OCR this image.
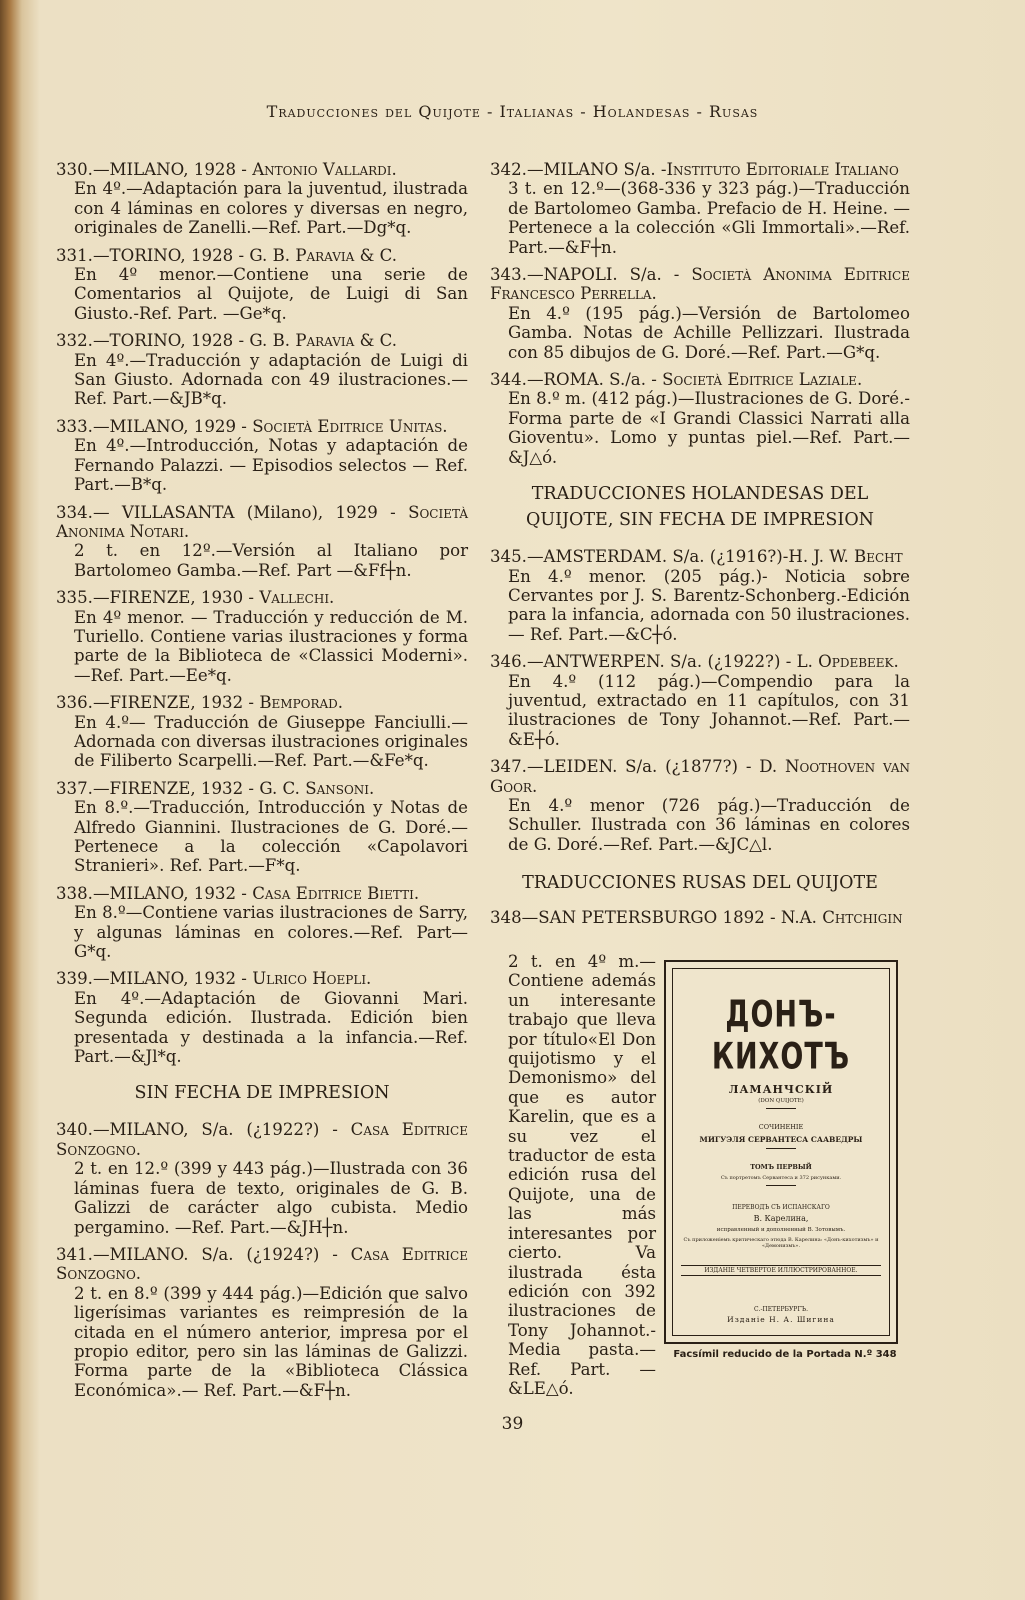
Traducciones del Quijote - Italianas - Holandesas - Rusas

330.—MILANO, 1928 - Antonio Vallardi.

En 4º.—Adaptación para la juventud, ilustrada con 4 láminas en colores y diversas en negro, originales de Zanelli.—Ref. Part.—Dg*q.

331.—TORINO, 1928 - G. B. Paravia & C.

En 4º menor.—Contiene una serie de Comentarios al Quijote, de Luigi di San Giusto.-Ref. Part. —Ge*q.

332.—TORINO, 1928 - G. B. Paravia & C.

En 4º.—Traducción y adaptación de Luigi di San Giusto. Adornada con 49 ilustraciones.— Ref. Part.—&JB*q.

333.—MILANO, 1929 - Società Editrice Unitas.

En 4º.—Introducción, Notas y adaptación de Fernando Palazzi. — Episodios selectos — Ref. Part.—B*q.

334.— VILLASANTA (Milano), 1929 - Società Anonima Notari.

2 t. en 12º.—Versión al Italiano por Bartolomeo Gamba.—Ref. Part —&Ff┼n.

335.—FIRENZE, 1930 - Vallechi.

En 4º menor. — Traducción y reducción de M. Turiello. Contiene varias ilustraciones y forma parte de la Biblioteca de «Classici Moderni». —Ref. Part.—Ee*q.

336.—FIRENZE, 1932 - Bemporad.

En 4.º— Traducción de Giuseppe Fanciulli.— Adornada con diversas ilustraciones originales de Filiberto Scarpelli.—Ref. Part.—&Fe*q.

337.—FIRENZE, 1932 - G. C. Sansoni.

En 8.º.—Traducción, Introducción y Notas de Alfredo Giannini. Ilustraciones de G. Doré.— Pertenece a la colección «Capolavori Stranieri». Ref. Part.—F*q.

338.—MILANO, 1932 - Casa Editrice Bietti.

En 8.º—Contiene varias ilustraciones de Sarry, y algunas láminas en colores.—Ref. Part— G*q.

339.—MILANO, 1932 - Ulrico Hoepli.

En 4º.—Adaptación de Giovanni Mari. Segunda edición. Ilustrada. Edición bien presentada y destinada a la infancia.—Ref. Part.—&Jl*q.

SIN FECHA DE IMPRESION

340.—MILANO, S/a. (¿1922?) - Casa Editrice Sonzogno.

2 t. en 12.º (399 y 443 pág.)—Ilustrada con 36 láminas fuera de texto, originales de G. B. Galizzi de carácter algo cubista. Medio pergamino. —Ref. Part.—&JH┼n.

341.—MILANO. S/a. (¿1924?) - Casa Editrice Sonzogno.

2 t. en 8.º (399 y 444 pág.)—Edición que salvo ligerísimas variantes es reimpresión de la citada en el número anterior, impresa por el propio editor, pero sin las láminas de Galizzi. Forma parte de la «Biblioteca Clássica Económica».— Ref. Part.—&F┼n.

342.—MILANO S/a. -Instituto Editoriale Italiano

3 t. en 12.º—(368-336 y 323 pág.)—Traducción de Bartolomeo Gamba. Prefacio de H. Heine. — Pertenece a la colección «Gli Immortali».—Ref. Part.—&F┼n.

343.—NAPOLI. S/a. - Società Anonima Editrice Francesco Perrella.

En 4.º (195 pág.)—Versión de Bartolomeo Gamba. Notas de Achille Pellizzari. Ilustrada con 85 dibujos de G. Doré.—Ref. Part.—G*q.

344.—ROMA. S./a. - Società Editrice Laziale.

En 8.º m. (412 pág.)—Ilustraciones de G. Doré.- Forma parte de «I Grandi Classici Narrati alla Gioventu». Lomo y puntas piel.—Ref. Part.— &J△ó.

TRADUCCIONES HOLANDESAS DEL QUIJOTE, SIN FECHA DE IMPRESION

345.—AMSTERDAM. S/a. (¿1916?)-H. J. W. Becht

En 4.º menor. (205 pág.)- Noticia sobre Cervantes por J. S. Barentz-Schonberg.-Edición para la infancia, adornada con 50 ilustraciones.— Ref. Part.—&C┼ó.

346.—ANTWERPEN. S/a. (¿1922?) - L. Opdebeek.

En 4.º (112 pág.)—Compendio para la juventud, extractado en 11 capítulos, con 31 ilustraciones de Tony Johannot.—Ref. Part.—&E┼ó.

347.—LEIDEN. S/a. (¿1877?) - D. Noothoven van Goor.

En 4.º menor (726 pág.)—Traducción de Schuller. Ilustrada con 36 láminas en colores de G. Doré.—Ref. Part.—&JC△l.

TRADUCCIONES RUSAS DEL QUIJOTE

348—SAN PETERSBURGO 1892 - N.A. Chtchigin

2 t. en 4º m.— Contiene además un interesante trabajo que lleva por título«El Don quijotismo y el Demonismo» del que es autor Karelin, que es a su vez el traductor de esta edición rusa del Quijote, una de las más interesantes por cierto. Va ilustrada ésta edición con 392 ilustraciones de Tony Johannot.- Media pasta.—Ref. Part. —&LE△ó.

ДОНЪ-КИХОТЪ
ЛАМАНЧСКІЙ
(DON QUIJOTE)
СОЧИНЕНІЕ
МИГУЭЛЯ СЕРВАНТЕСА СААВЕДРЫ
ТОМЪ ПЕРВЫЙ
Съ портретомъ Сервантеса и 372 рисунками.
ПЕРЕВОДЪ СЪ ИСПАНСКАГО
В. Карелина,
исправленный и дополненный В. Зотовымъ.
Съ приложеніемъ критическаго этюда В. Карелина: «Донъ-кихотизмъ» и «Демонизмъ».
ИЗДАНІЕ ЧЕТВЕРТОЕ ИЛЛЮСТРИРОВАННОЕ.
С.-ПЕТЕРБУРГЪ.
Изданіе Н. А. Шигина
Facsímil reducido de la Portada N.º 348
39
